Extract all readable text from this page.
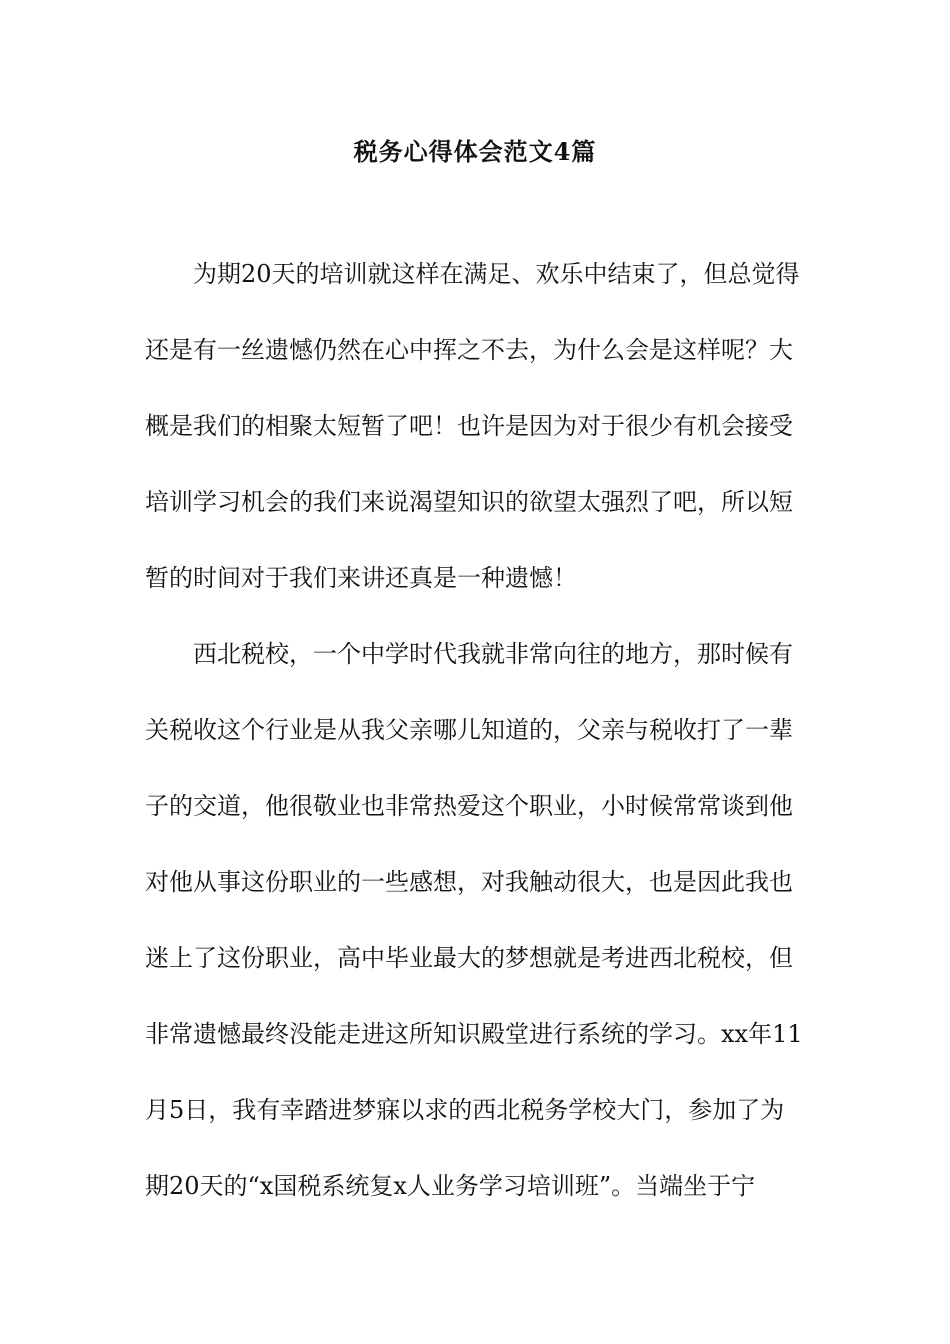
税务心得体会范文4篇
为期20天的培训就这样在满足、欢乐中结束了，但总觉得
还是有一丝遗憾仍然在心中挥之不去，为什么会是这样呢？大
概是我们的相聚太短暂了吧！也许是因为对于很少有机会接受
培训学习机会的我们来说渴望知识的欲望太强烈了吧，所以短
暂的时间对于我们来讲还真是一种遗憾！
西北税校，一个中学时代我就非常向往的地方，那时候有
关税收这个行业是从我父亲哪儿知道的，父亲与税收打了一辈
子的交道，他很敬业也非常热爱这个职业，小时候常常谈到他
对他从事这份职业的一些感想，对我触动很大，也是因此我也
迷上了这份职业，高中毕业最大的梦想就是考进西北税校，但
非常遗憾最终没能走进这所知识殿堂进行系统的学习。xx年11
月5日，我有幸踏进梦寐以求的西北税务学校大门，参加了为
期20天的“x国税系统复x人业务学习培训班”。当端坐于宁
